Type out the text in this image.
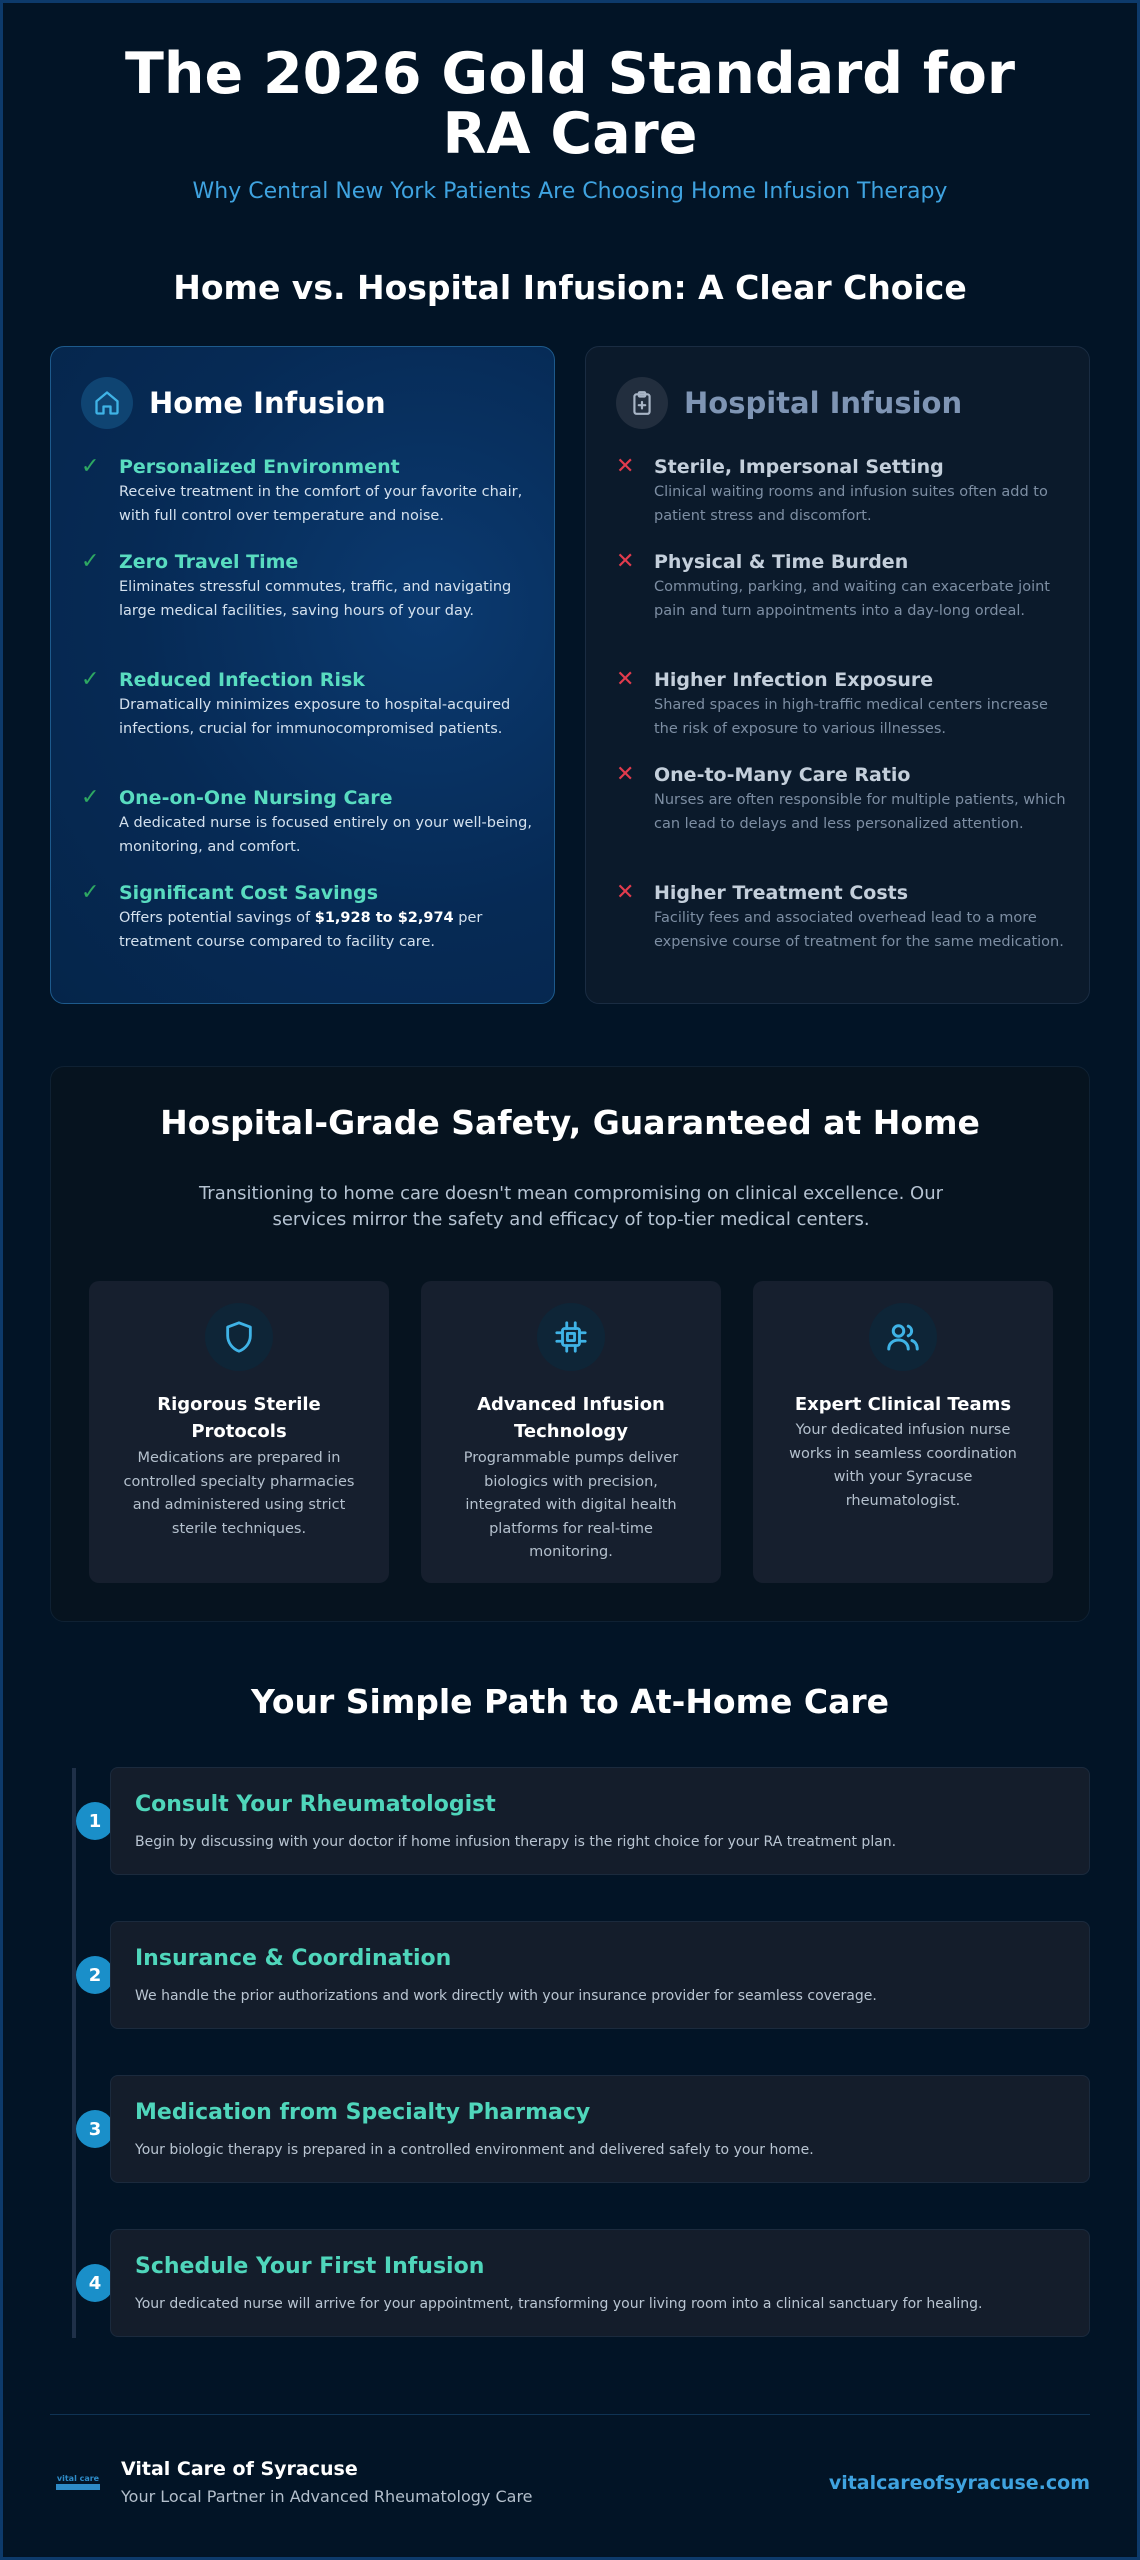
The 2026 Gold Standard for RA Care
Why Central New York Patients Are Choosing Home Infusion Therapy
Home vs. Hospital Infusion: A Clear Choice
Home Infusion
✓	Personalized Environment
Receive treatment in the comfort of your favorite chair, with full control over temperature and noise.
✓	Zero Travel Time
Eliminates stressful commutes, traffic, and navigating large medical facilities, saving hours of your day.
✓	Reduced Infection Risk
Dramatically minimizes exposure to hospital-acquired infections, crucial for immunocompromised patients.
✓	One-on-One Nursing Care
A dedicated nurse is focused entirely on your well-being, monitoring, and comfort.
✓	Significant Cost Savings
Offers potential savings of $1,928 to $2,974 per treatment course compared to facility care.
Hospital Infusion
✕	Sterile, Impersonal Setting
Clinical waiting rooms and infusion suites often add to patient stress and discomfort.
✕	Physical & Time Burden
Commuting, parking, and waiting can exacerbate joint pain and turn appointments into a day-long ordeal.
✕	Higher Infection Exposure
Shared spaces in high-traffic medical centers increase the risk of exposure to various illnesses.
✕	One-to-Many Care Ratio
Nurses are often responsible for multiple patients, which can lead to delays and less personalized attention.
✕	Higher Treatment Costs
Facility fees and associated overhead lead to a more expensive course of treatment for the same medication.
Hospital-Grade Safety, Guaranteed at Home

Transitioning to home care doesn't mean compromising on clinical excellence. Our services mirror the safety and efficacy of top-tier medical centers.

Rigorous Sterile Protocols
Medications are prepared in controlled specialty pharmacies and administered using strict sterile techniques.
Advanced Infusion Technology
Programmable pumps deliver biologics with precision, integrated with digital health platforms for real-time monitoring.
Expert Clinical Teams
Your dedicated infusion nurse works in seamless coordination with your Syracuse rheumatologist.
Your Simple Path to At-Home Care
1
Consult Your Rheumatologist
Begin by discussing with your doctor if home infusion therapy is the right choice for your RA treatment plan.
2
Insurance & Coordination
We handle the prior authorizations and work directly with your insurance provider for seamless coverage.
3
Medication from Specialty Pharmacy
Your biologic therapy is prepared in a controlled environment and delivered safely to your home.
4
Schedule Your First Infusion
Your dedicated nurse will arrive for your appointment, transforming your living room into a clinical sanctuary for healing.
vital care Vital Care of Syracuse
Your Local Partner in Advanced Rheumatology Care
vitalcareofsyracuse.com
